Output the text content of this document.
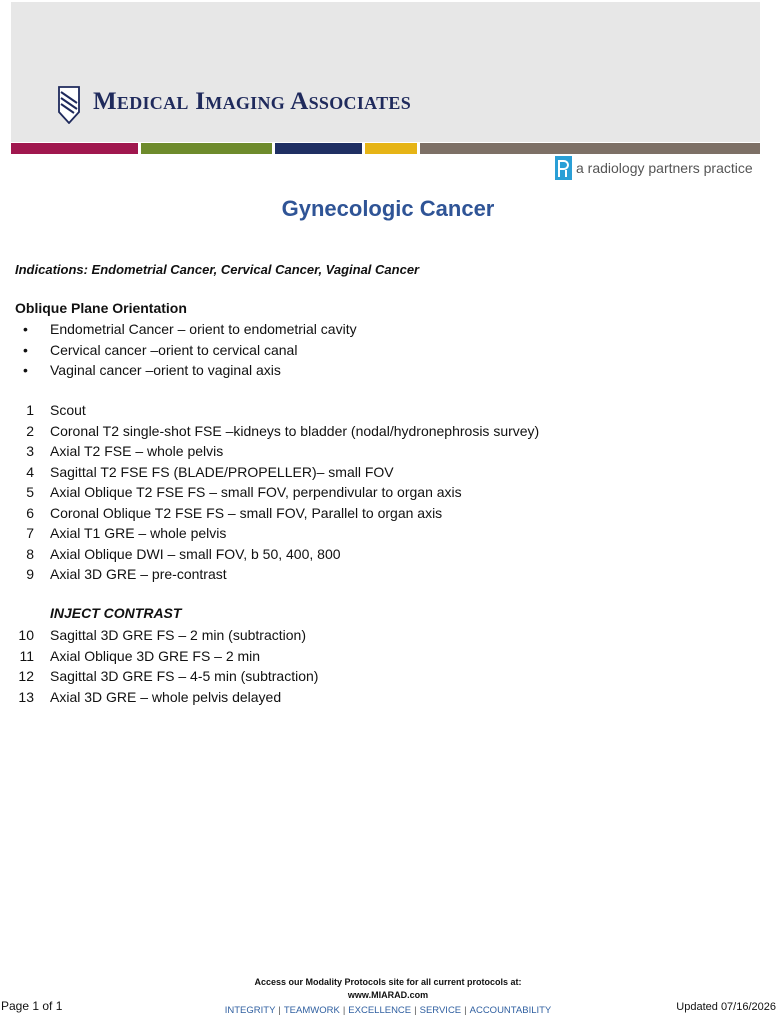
Medical Imaging Associates
a radiology partners practice
Gynecologic Cancer
Indications: Endometrial Cancer, Cervical Cancer, Vaginal Cancer
Oblique Plane Orientation
• Endometrial Cancer – orient to endometrial cavity
• Cervical cancer –orient to cervical canal
• Vaginal cancer –orient to vaginal axis
1 Scout
2 Coronal T2 single-shot FSE –kidneys to bladder (nodal/hydronephrosis survey)
3 Axial T2 FSE – whole pelvis
4 Sagittal T2 FSE FS (BLADE/PROPELLER)– small FOV
5 Axial Oblique T2 FSE FS – small FOV, perpendivular to organ axis
6 Coronal Oblique T2 FSE FS – small FOV, Parallel to organ axis
7 Axial T1 GRE – whole pelvis
8 Axial Oblique DWI – small FOV, b 50, 400, 800
9 Axial 3D GRE – pre-contrast
INJECT CONTRAST
10 Sagittal 3D GRE FS – 2 min (subtraction)
11 Axial Oblique 3D GRE FS – 2 min
12 Sagittal 3D GRE FS – 4-5 min (subtraction)
13 Axial 3D GRE – whole pelvis delayed
Access our Modality Protocols site for all current protocols at:
www.MIARAD.com
INTEGRITY | TEAMWORK | EXCELLENCE | SERVICE | ACCOUNTABILITY
Page 1 of 1	Updated 07/16/2026
